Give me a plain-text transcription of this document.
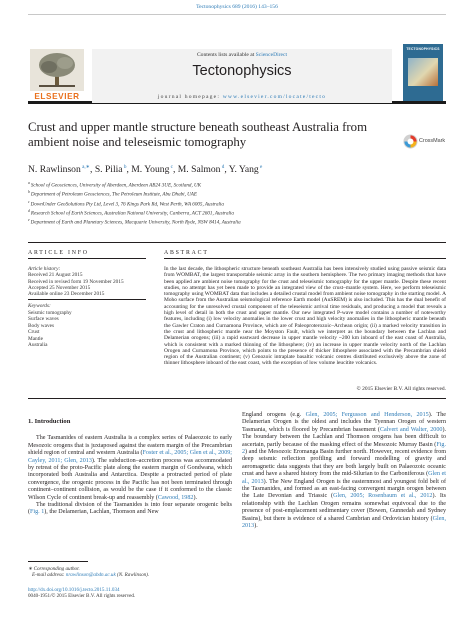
Tectonophysics 689 (2016) 143–156
ELSEVIER
Contents lists available at ScienceDirect
Tectonophysics
journal homepage: www.elsevier.com/locate/tecto
TECTONOPHYSICS
Crust and upper mantle structure beneath southeast Australia from ambient noise and teleseismic tomography	CrossMark
N. Rawlinson $^{a,∗}$, S. Pilia $^b$, M. Young $^c$, M. Salmon $^d$, Y. Yang $^e$
$^a$ School of Geosciences, University of Aberdeen, Aberdeen AB24 3UE, Scotland, UK
$^b$ Department of Petroleum Geosciences, The Petroleum Institute, Abu Dhabi, UAE
$^c$ DownUnder GeoSolutions Pty Ltd, Level 3, 76 Kings Park Rd, West Perth, WA 6005, Australia
$^d$ Research School of Earth Sciences, Australian National University, Canberra, ACT 2601, Australia
$^e$ Department of Earth and Planetary Sciences, Macquarie University, North Ryde, NSW 8414, Australia
ARTICLE INFO	ABSTRACT
Article history:
Received 21 August 2015
Received in revised form 19 November 2015
Accepted 25 November 2015
Available online 23 December 2015
Keywords:
Seismic tomography
Surface waves
Body waves
Crust
Mantle
Australia
In the last decade, the lithospheric structure beneath southeast Australia has been intensively studied using passive seismic data from WOMBAT, the largest transportable seismic array in the southern hemisphere. The two primary imaging methods that have been applied are ambient noise tomography for the crust and teleseismic tomography for the upper mantle. Despite these recent studies, no attempt has yet been made to provide an integrated view of the crust–mantle system. Here, we perform teleseismic tomography using WOMBAT data that includes a detailed crustal model from ambient noise tomography in the starting model. A Moho surface from the Australian seismological reference Earth model (AuSREM) is also included. This has the dual benefit of accounting for the unresolved crustal component of the teleseismic arrival time residuals, and producing a model that reveals a high level of detail in both the crust and upper mantle. Our new integrated P-wave model contains a number of noteworthy features, including (i) low velocity anomalies in the lower crust and high velocity anomalies in the lithospheric mantle beneath the Gawler Craton and Curnamona Province, which are of Paleoproterozoic–Archean origin; (ii) a marked velocity transition in the crust and lithospheric mantle near the Moyston Fault, which we interpret as the boundary between the Lachlan and Delamerian orogens; (iii) a rapid eastward decrease in upper mantle velocity ~200 km inboard of the east coast of Australia, which is consistent with a marked thinning of the lithosphere; (iv) an increase in upper mantle velocity north of the Lachlan Orogen and Curnamona Province, which points to the presence of thicker lithosphere associated with the Precambrian shield region of the Australian continent; (v) Cenozoic intraplate basaltic volcanic centres distributed exclusively above the zone of thinner lithosphere inboard of the east coast, with the exception of low volume leucitite volcanics.
© 2015 Elsevier B.V. All rights reserved.
1. Introduction

The Tasmanides of eastern Australia is a complex series of Palaeozoic to early Mesozoic orogens that is juxtaposed against the eastern margin of the Precambrian shield region of central and western Australia (Foster et al., 2005; Glen et al., 2009; Cayley, 2011; Glen, 2013). The subduction–accretion process was accommodated by retreat of the proto-Pacific plate along the eastern margin of Gondwana, which incorporated both Australia and Antarctica. Despite a protracted period of plate convergence, the orogenic process in the Pacific has not been terminated through continent–continent collision, as would be the case if it conformed to the classic Wilson Cycle of continent break-up and reassembly (Cawood, 1982).

The traditional division of the Tasmanides is into four separate orogenic belts (Fig. 1), the Delamerian, Lachlan, Thomson and New

England orogens (e.g. Glen, 2005; Fergusson and Henderson, 2015). The Delamerian Orogen is the oldest and includes the Tyennan Orogen of western Tasmania, which is floored by Precambrian basement (Calvert and Walter, 2000). The boundary between the Lachlan and Thomson orogens has been difficult to ascertain, partly because of the masking effect of the Mesozoic Murray Basin (Fig. 2) and the Mesozoic Eromanga Basin further north. However, recent evidence from deep seismic reflection profiling and forward modelling of gravity and aeromagnetic data suggests that they are both largely built on Palaeozoic oceanic crust and have a shared history from the mid-Silurian to the Carboniferous (Glen et al., 2013). The New England Orogen is the easternmost and youngest fold belt of the Tasmanides, and formed as an east-facing convergent margin orogen between the Late Devonian and Triassic (Glen, 2005; Rosenbaum et al., 2012). Its relationship with the Lachlan Orogen remains somewhat equivocal due to the presence of post-emplacement sedimentary cover (Bowen, Gunnedah and Sydney Basins), but there is evidence of a shared Cambrian and Ordovician history (Glen, 2013).

∗ Corresponding author.
E-mail address: nrawlinson@abdn.ac.uk (N. Rawlinson).
http://dx.doi.org/10.1016/j.tecto.2015.11.034
0040-1951/© 2015 Elsevier B.V. All rights reserved.
